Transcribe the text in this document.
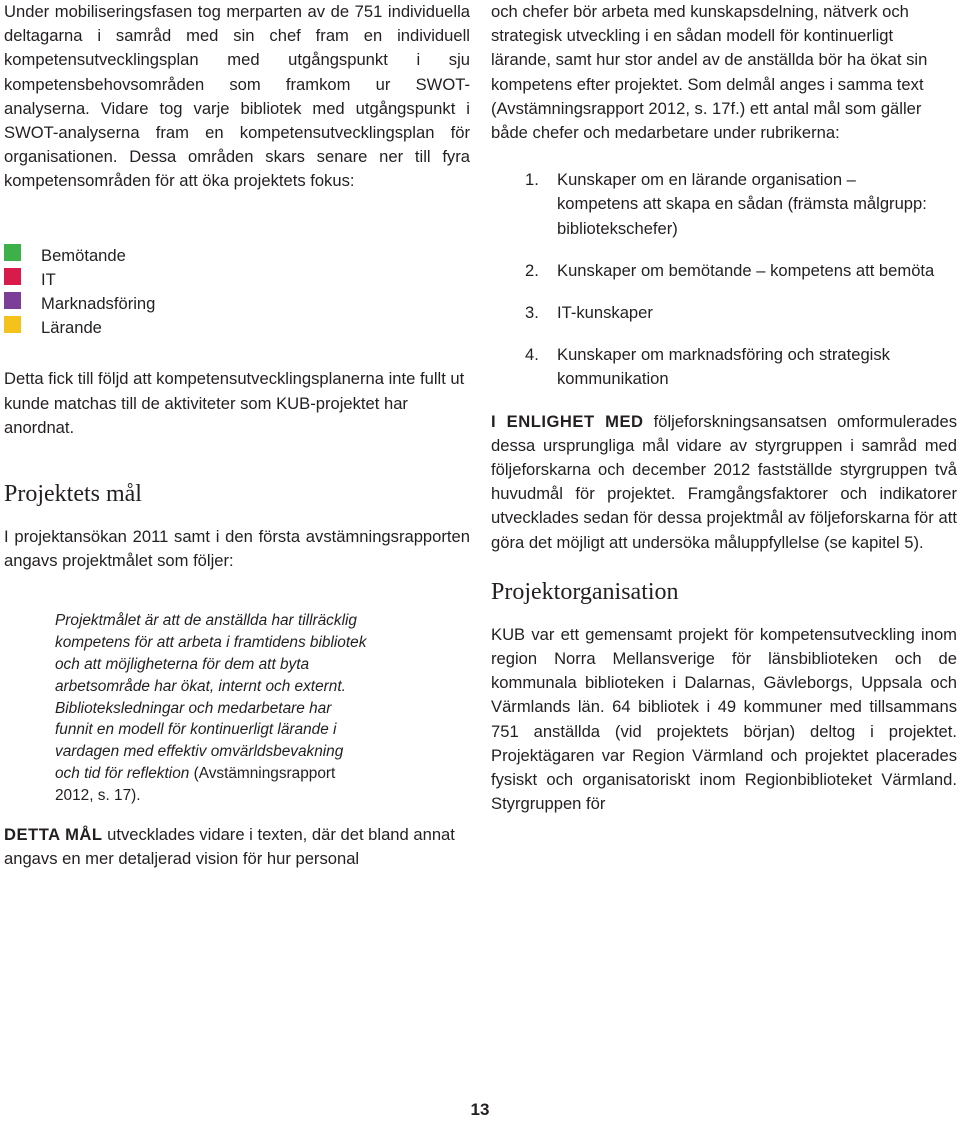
Under mobiliseringsfasen tog merparten av de 751 individuella deltagarna i samråd med sin chef fram en individuell kompetensutvecklingsplan med utgångspunkt i sju kompetensbehovsområden som framkom ur SWOT-analyserna. Vidare tog varje bibliotek med utgångspunkt i SWOT-analyserna fram en kompetensutvecklingsplan för organisationen. Dessa områden skars senare ner till fyra kompetensområden för att öka projektets fokus:

Bemötande
IT
Marknadsföring
Lärande

Detta fick till följd att kompetensutvecklingsplanerna inte fullt ut kunde matchas till de aktiviteter som KUB-projektet har anordnat.

Projektets mål

I projektansökan 2011 samt i den första avstämningsrapporten angavs projektmålet som följer:

Projektmålet är att de anställda har tillräcklig kompetens för att arbeta i framtidens bibliotek och att möjligheterna för dem att byta arbetsområde har ökat, internt och externt. Biblioteksledningar och medarbetare har funnit en modell för kontinuerligt lärande i vardagen med effektiv omvärldsbevakning och tid för reflektion (Avstämningsrapport 2012, s. 17).

DETTA MÅL utvecklades vidare i texten, där det bland annat angavs en mer detaljerad vision för hur personal

och chefer bör arbeta med kunskapsdelning, nätverk och strategisk utveckling i en sådan modell för kontinuerligt lärande, samt hur stor andel av de anställda bör ha ökat sin kompetens efter projektet. Som delmål anges i samma text (Avstämningsrapport 2012, s. 17f.) ett antal mål som gäller både chefer och medarbetare under rubrikerna:

1. Kunskaper om en lärande organisation – kompetens att skapa en sådan (främsta målgrupp: bibliotekschefer)
2. Kunskaper om bemötande – kompetens att bemöta
3. IT-kunskaper
4. Kunskaper om marknadsföring och strategisk kommunikation

I ENLIGHET MED följeforskningsansatsen omformulerades dessa ursprungliga mål vidare av styrgruppen i samråd med följeforskarna och december 2012 fastställde styrgruppen två huvudmål för projektet. Framgångsfaktorer och indikatorer utvecklades sedan för dessa projektmål av följeforskarna för att göra det möjligt att undersöka måluppfyllelse (se kapitel 5).

Projektorganisation

KUB var ett gemensamt projekt för kompetensutveckling inom region Norra Mellansverige för länsbiblioteken och de kommunala biblioteken i Dalarnas, Gävleborgs, Uppsala och Värmlands län. 64 bibliotek i 49 kommuner med tillsammans 751 anställda (vid projektets början) deltog i projektet. Projektägaren var Region Värmland och projektet placerades fysiskt och organisatoriskt inom Regionbiblioteket Värmland. Styrgruppen för

13
